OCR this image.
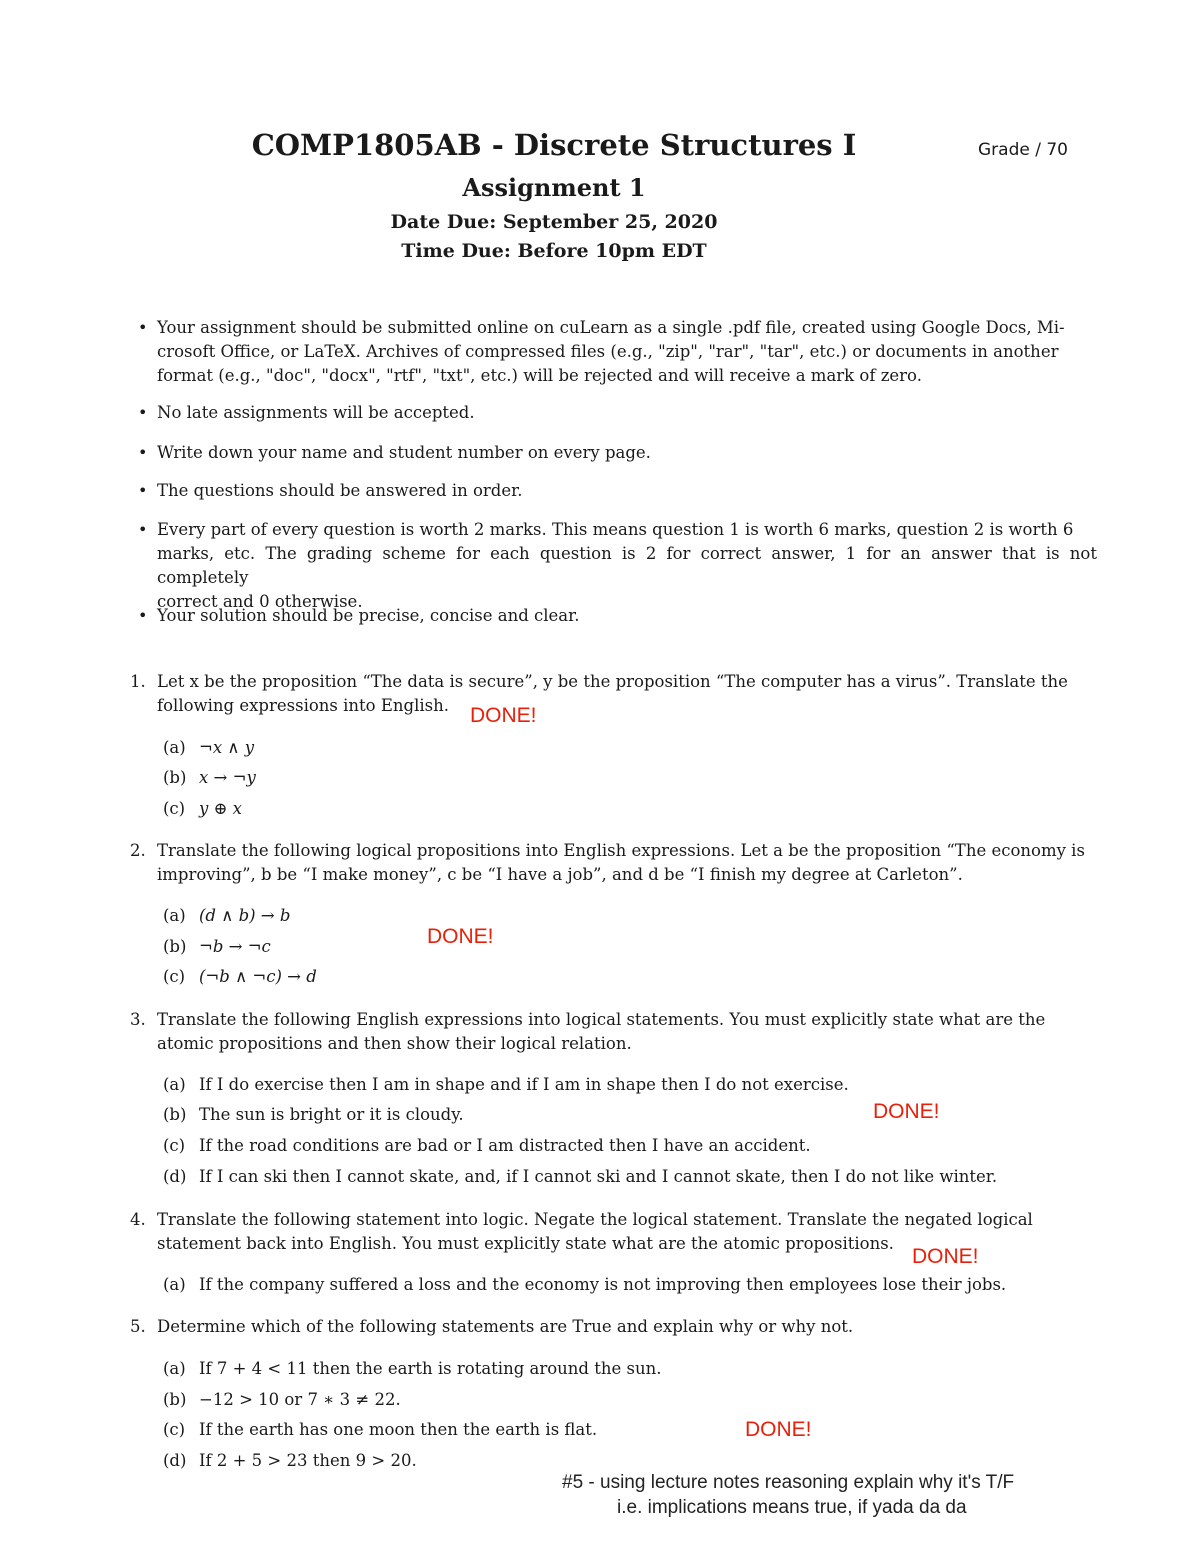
COMP1805AB - Discrete Structures I	Grade / 70
Assignment 1
Date Due: September 25, 2020
Time Due: Before 10pm EDT
• Your assignment should be submitted online on cuLearn as a single .pdf file, created using Google Docs, Mi-
crosoft Office, or LaTeX. Archives of compressed files (e.g., "zip", "rar", "tar", etc.) or documents in another
format (e.g., "doc", "docx", "rtf", "txt", etc.) will be rejected and will receive a mark of zero.
• No late assignments will be accepted.
• Write down your name and student number on every page.
• The questions should be answered in order.
• Every part of every question is worth 2 marks. This means question 1 is worth 6 marks, question 2 is worth 6
marks, etc. The grading scheme for each question is 2 for correct answer, 1 for an answer that is not completely
correct and 0 otherwise.
• Your solution should be precise, concise and clear.
1. Let x be the proposition “The data is secure”, y be the proposition “The computer has a virus”. Translate the
following expressions into English.
(a) ¬x ∧ y
(b) x → ¬y
(c) y ⊕ x
2. Translate the following logical propositions into English expressions. Let a be the proposition “The economy is
improving”, b be “I make money”, c be “I have a job”, and d be “I finish my degree at Carleton”.
(a) (d ∧ b) → b
(b) ¬b → ¬c
(c) (¬b ∧ ¬c) → d
3. Translate the following English expressions into logical statements. You must explicitly state what are the
atomic propositions and then show their logical relation.
(a) If I do exercise then I am in shape and if I am in shape then I do not exercise.
(b) The sun is bright or it is cloudy.
(c) If the road conditions are bad or I am distracted then I have an accident.
(d) If I can ski then I cannot skate, and, if I cannot ski and I cannot skate, then I do not like winter.
4. Translate the following statement into logic. Negate the logical statement. Translate the negated logical
statement back into English. You must explicitly state what are the atomic propositions.
(a) If the company suffered a loss and the economy is not improving then employees lose their jobs.
5. Determine which of the following statements are True and explain why or why not.
(a) If 7 + 4 < 11 then the earth is rotating around the sun.
(b) −12 > 10 or 7 ∗ 3 ≠ 22.
(c) If the earth has one moon then the earth is flat.
(d) If 2 + 5 > 23 then 9 > 20.
DONE!
DONE!
DONE!
DONE!
DONE!
#5 - using lecture notes reasoning explain why it's T/F
i.e. implications means true, if yada da da
